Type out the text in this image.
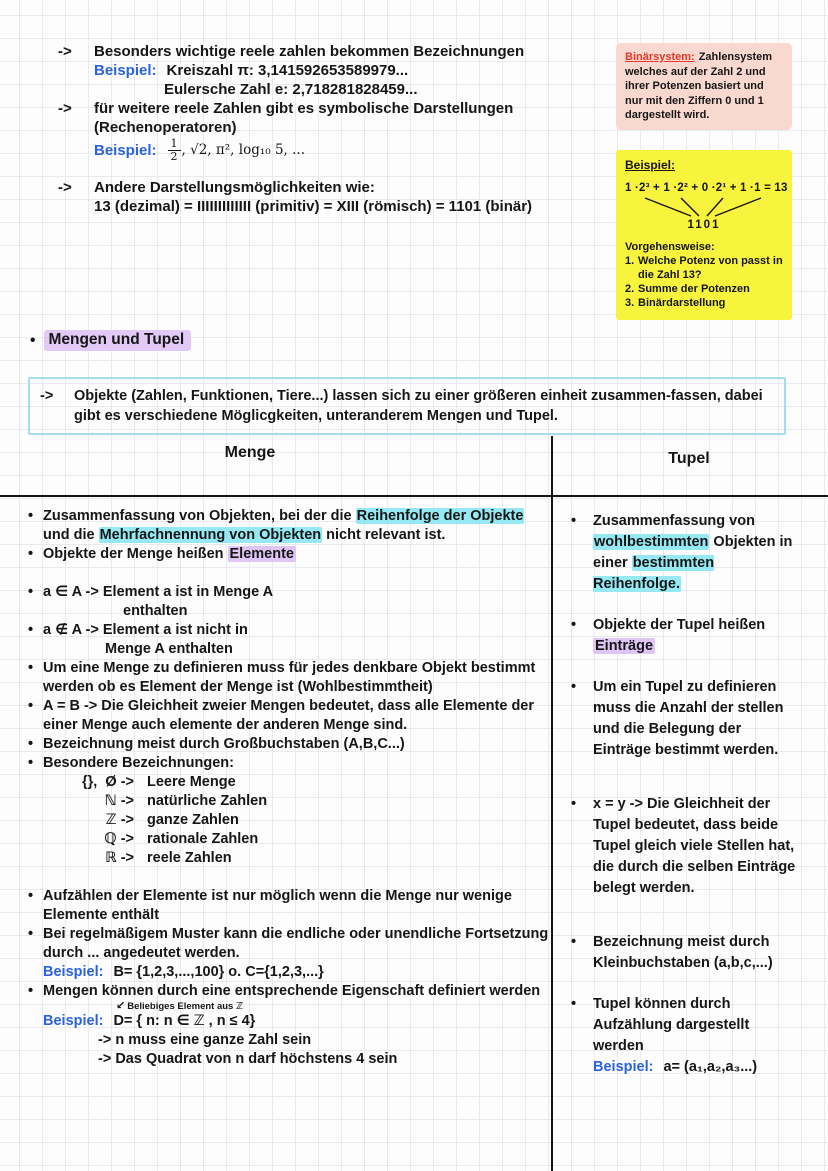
->	Besonders wichtige reele zahlen bekommen Bezeichnungen
Beispiel: Kreiszahl π: 3,141592653589979...
Eulersche Zahl e: 2,718281828459...
->	für weitere reele Zahlen gibt es symbolische Darstellungen
(Rechenoperatoren)
Beispiel: $\frac{1}{2}$ , √2, π², log₁₀ 5, ...
->	Andere Darstellungsmöglichkeiten wie:
13 (dezimal) = IIIIIIIIIIIII (primitiv) = XIII (römisch) = 1101 (binär)
Binärsystem: Zahlensystem welches auf der Zahl 2 und ihrer Potenzen basiert und nur mit den Ziffern 0 und 1 dargestellt wird.
Beispiel:
1 ·2³ + 1 ·2² + 0 ·2¹ + 1 ·1 = 13
1101
Vorgehensweise:
1. Welche Potenz von passt in die Zahl 13?
2. Summe der Potenzen
3. Binärdarstellung
• Mengen und Tupel
->	Objekte (Zahlen, Funktionen, Tiere...) lassen sich zu einer größeren einheit zusammen-fassen, dabei gibt es verschiedene Möglicgkeiten, unteranderem Mengen und Tupel.
Menge	Tupel
• Zusammenfassung von Objekten, bei der die Reihenfolge der Objekte und die Mehrfachnennung von Objekten nicht relevant ist.
• Objekte der Menge heißen Elemente
• a ∈ A -> Element a ist in Menge A
enthalten
• a ∉ A -> Element a ist nicht in
Menge A enthalten
• Um eine Menge zu definieren muss für jedes denkbare Objekt bestimmt werden ob es Element der Menge ist (Wohlbestimmtheit)
• A = B -> Die Gleichheit zweier Mengen bedeutet, dass alle Elemente der einer Menge auch elemente der anderen Menge sind.
• Bezeichnung meist durch Großbuchstaben (A,B,C...)
• Besondere Bezeichnungen:
{},  Ø -> Leere Menge
ℕ -> natürliche Zahlen
ℤ -> ganze Zahlen
ℚ -> rationale Zahlen
ℝ -> reele Zahlen
• Aufzählen der Elemente ist nur möglich wenn die Menge nur wenige Elemente enthält
• Bei regelmäßigem Muster kann die endliche oder unendliche Fortsetzung durch ... angedeutet werden.
Beispiel: B= {1,2,3,...,100} o. C={1,2,3,...}
• Mengen können durch eine entsprechende Eigenschaft definiert werden
↙ Beliebiges Element aus ℤ
Beispiel: D= { n: n ∈ ℤ , n ≤ 4}
-> n muss eine ganze Zahl sein
-> Das Quadrat von n darf höchstens 4 sein
•	Zusammenfassung von wohlbestimmten Objekten in einer bestimmten Reihenfolge.
•	Objekte der Tupel heißen Einträge
•	Um ein Tupel zu definieren muss die Anzahl der stellen und die Belegung der Einträge bestimmt werden.
•	x = y -> Die Gleichheit der Tupel bedeutet, dass beide Tupel gleich viele Stellen hat, die durch die selben Einträge belegt werden.
•	Bezeichnung meist durch Kleinbuchstaben (a,b,c,...)
•	Tupel können durch Aufzählung dargestellt werden
Beispiel: a= (a₁,a₂,a₃...)
